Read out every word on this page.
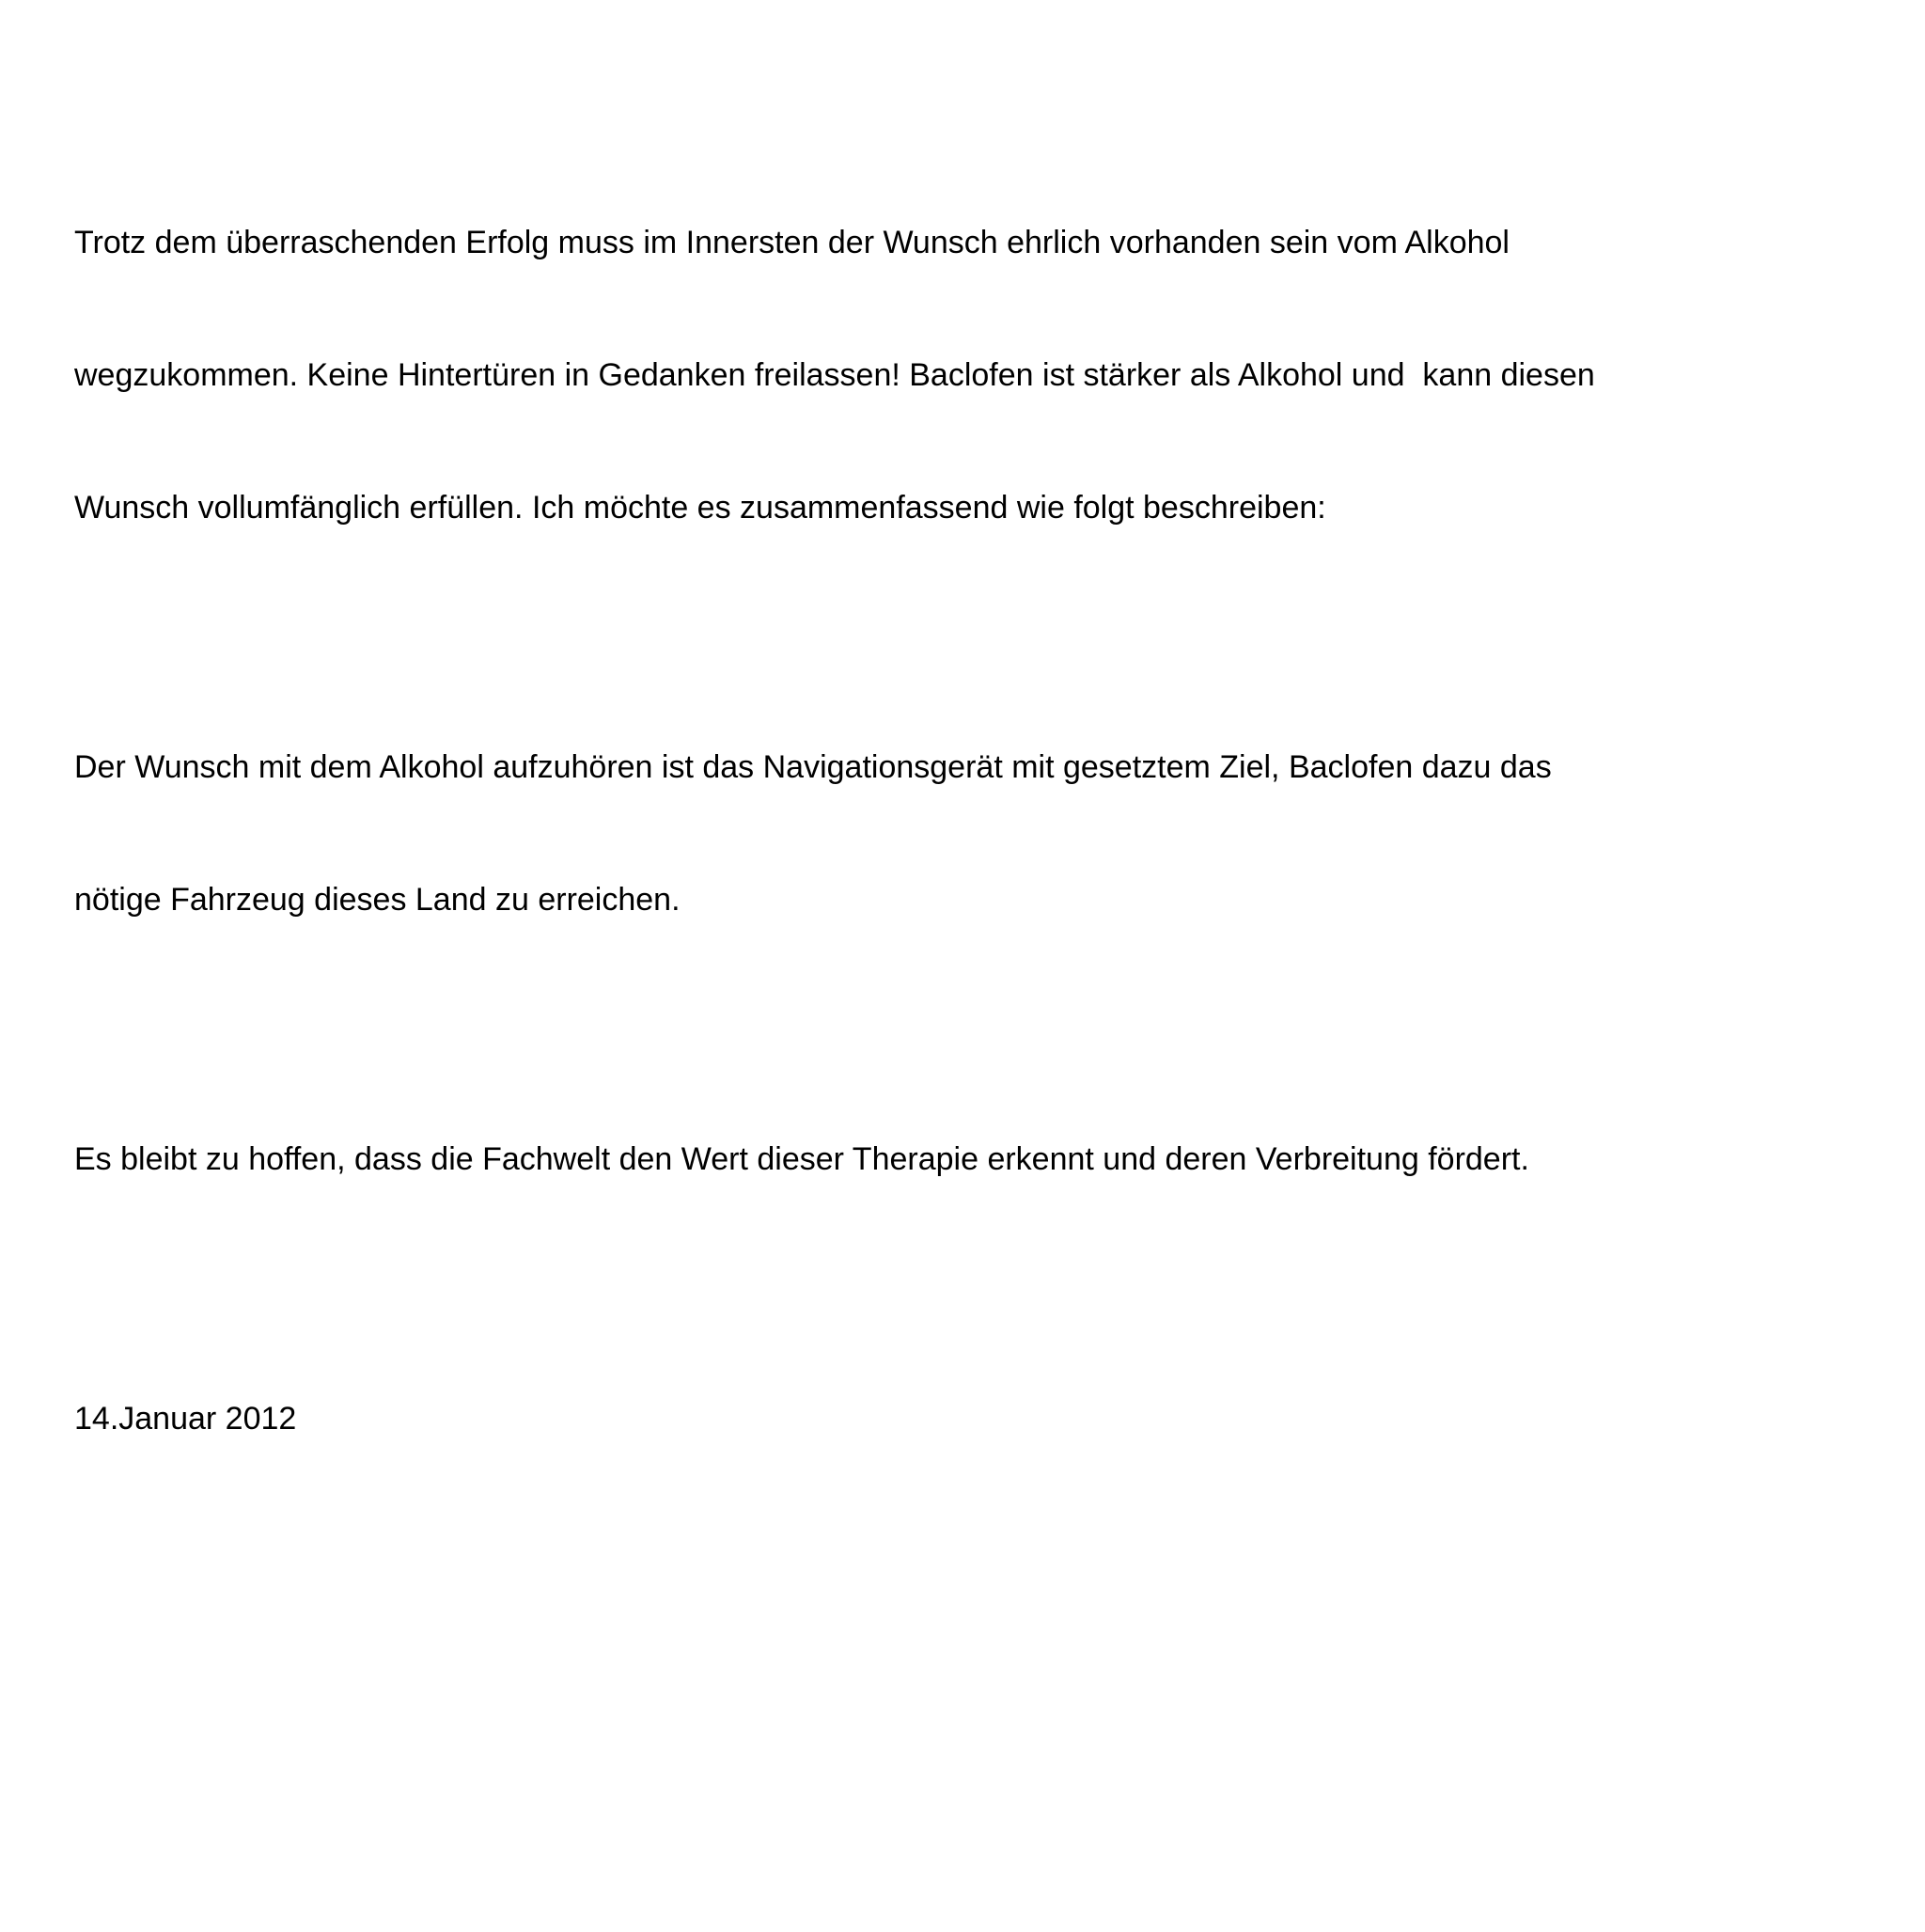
Trotz dem überraschenden Erfolg muss im Innersten der Wunsch ehrlich vorhanden sein vom Alkohol

wegzukommen. Keine Hintertüren in Gedanken freilassen! Baclofen ist stärker als Alkohol und  kann diesen

Wunsch vollumfänglich erfüllen. Ich möchte es zusammenfassend wie folgt beschreiben:

Der Wunsch mit dem Alkohol aufzuhören ist das Navigationsgerät mit gesetztem Ziel, Baclofen dazu das

nötige Fahrzeug dieses Land zu erreichen.

Es bleibt zu hoffen, dass die Fachwelt den Wert dieser Therapie erkennt und deren Verbreitung fördert.

14.Januar 2012
